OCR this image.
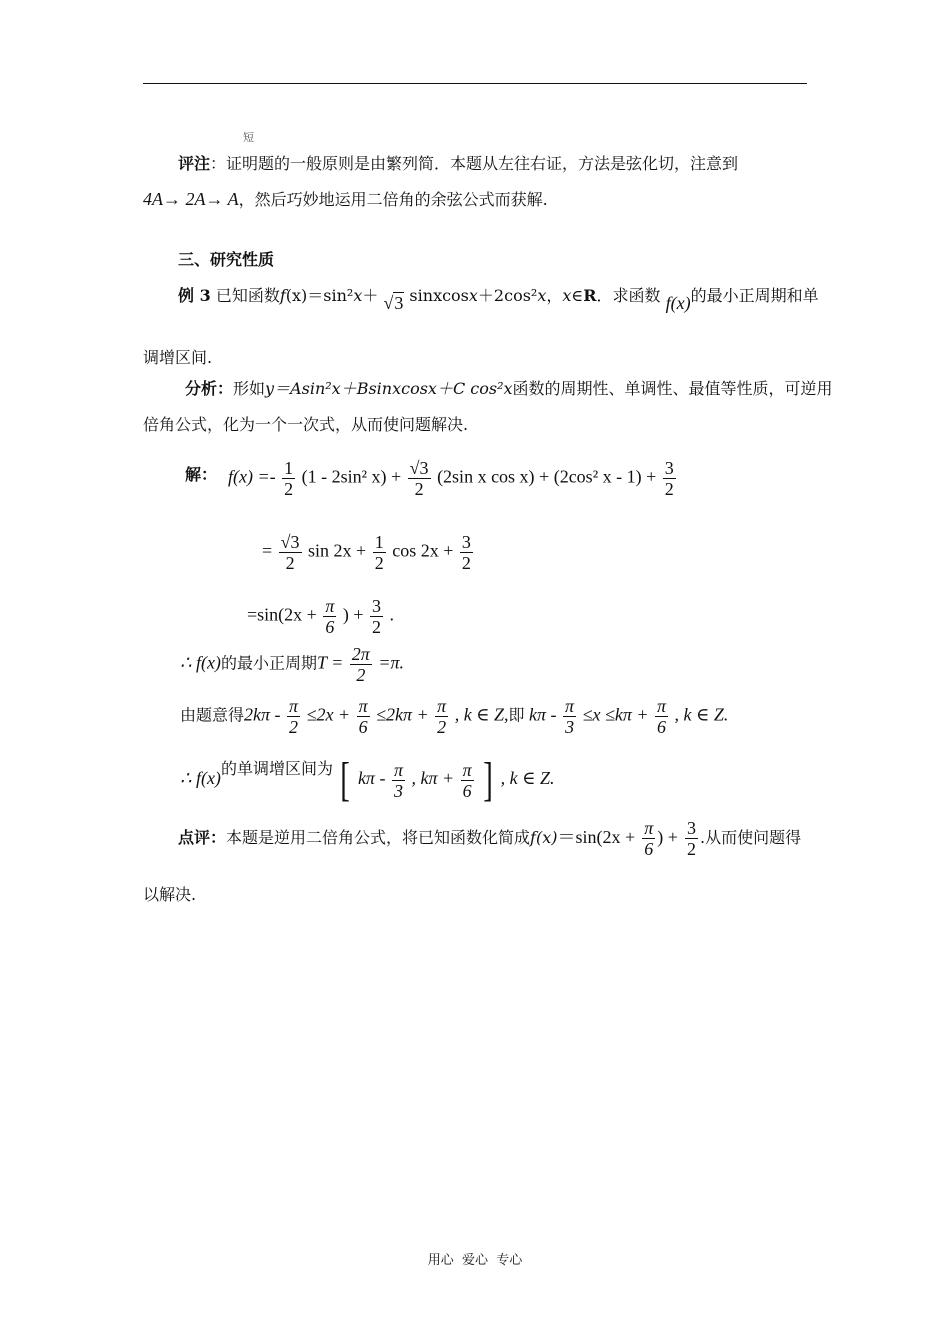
短
评注：证明题的一般原则是由繁列简．本题从左往右证，方法是弦化切，注意到
4A→ 2A→ A，然后巧妙地运用二倍角的余弦公式而获解.
三、研究性质
例 3 已知函数f(x)＝sin²x＋ √3 sinxcosx＋2cos²x，x∈R．求函数 f(x)的最小正周期和单
调增区间.
分析：形如y＝Asin²x＋Bsinxcosx＋C cos²x函数的周期性、单调性、最值等性质，可逆用
倍角公式，化为一个一次式，从而使问题解决.
解： $f(x) =- \frac{1}{2} (1 - 2\sin^2$ $x) + \frac{√3}{2} (2\sin$ x cos x) + (2cos² $x - 1) + \frac{3}{2}$
= $\frac{√3}{2}$ $\sin 2x + \frac{1}{2}$ $\cos 2x + \frac{3}{2}$
$=\sin(2x + \frac{\pi}{6}$ ) + $\frac{3}{2}$ .
∴ f(x)的最小正周期$T = \frac{2\pi}{2} =\pi$.
由题意得$2k\pi - \frac{\pi}{2} \le 2x + \frac{\pi}{6} \le 2k\pi + \frac{\pi}{2}$ , k ∈ Z,即 $k\pi - \frac{\pi}{3} \le x \le k\pi + \frac{\pi}{6}$ , k ∈ Z.
∴ f(x)的单调增区间为 [ kπ - $\frac{\pi}{3}$ , $k\pi + \frac{\pi}{6}$ ] , k ∈ Z.
点评：本题是逆用二倍角公式，将已知函数化简成$f(x)=\sin(2x + \frac{\pi}{6}$ ) + $\frac{3}{2}$ .从而使问题得
以解决.
用心  爱心  专心
